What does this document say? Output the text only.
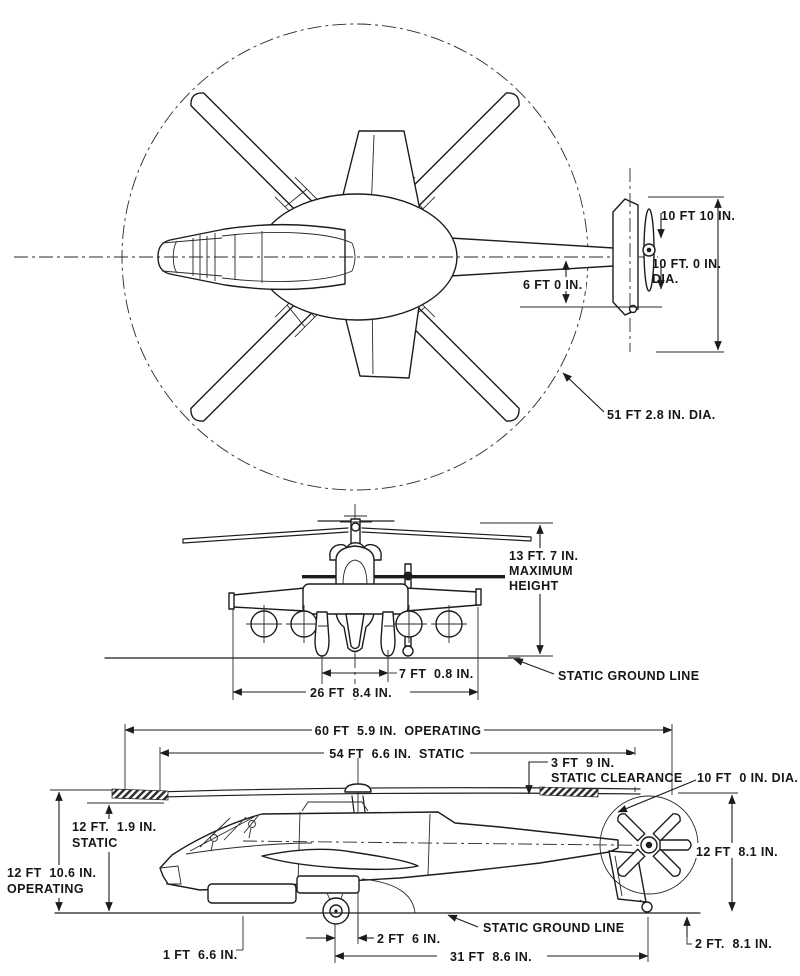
10 FT 10 IN.
10 FT. 0 IN.
DIA.
6 FT 0 IN.
51 FT 2.8 IN. DIA.
13 FT. 7 IN.
MAXIMUM
HEIGHT
STATIC GROUND LINE
7 FT  0.8 IN.
26 FT  8.4 IN.
60 FT  5.9 IN.  OPERATING
54 FT  6.6 IN.  STATIC
3 FT  9 IN.
STATIC CLEARANCE 10 FT  0 IN. DIA.
12 FT.  1.9 IN.
STATIC
12 FT  10.6 IN.
OPERATING
12 FT  8.1 IN.
STATIC GROUND LINE
1 FT  6.6 IN.
2 FT  6 IN.
31 FT  8.6 IN.
2 FT.  8.1 IN.
